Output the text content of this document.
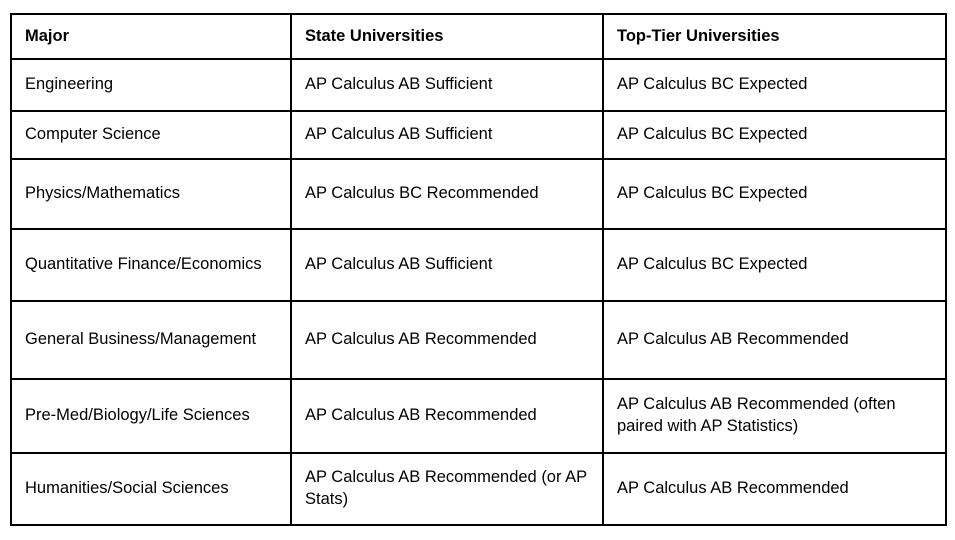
Major	State Universities	Top-Tier Universities
Engineering	AP Calculus AB Sufficient	AP Calculus BC Expected
Computer Science	AP Calculus AB Sufficient	AP Calculus BC Expected
Physics/Mathematics	AP Calculus BC Recommended	AP Calculus BC Expected
Quantitative Finance/Economics	AP Calculus AB Sufficient	AP Calculus BC Expected
General Business/Management	AP Calculus AB Recommended	AP Calculus AB Recommended
Pre-Med/Biology/Life Sciences	AP Calculus AB Recommended	AP Calculus AB Recommended (often paired with AP Statistics)
Humanities/Social Sciences	AP Calculus AB Recommended (or AP Stats)	AP Calculus AB Recommended
